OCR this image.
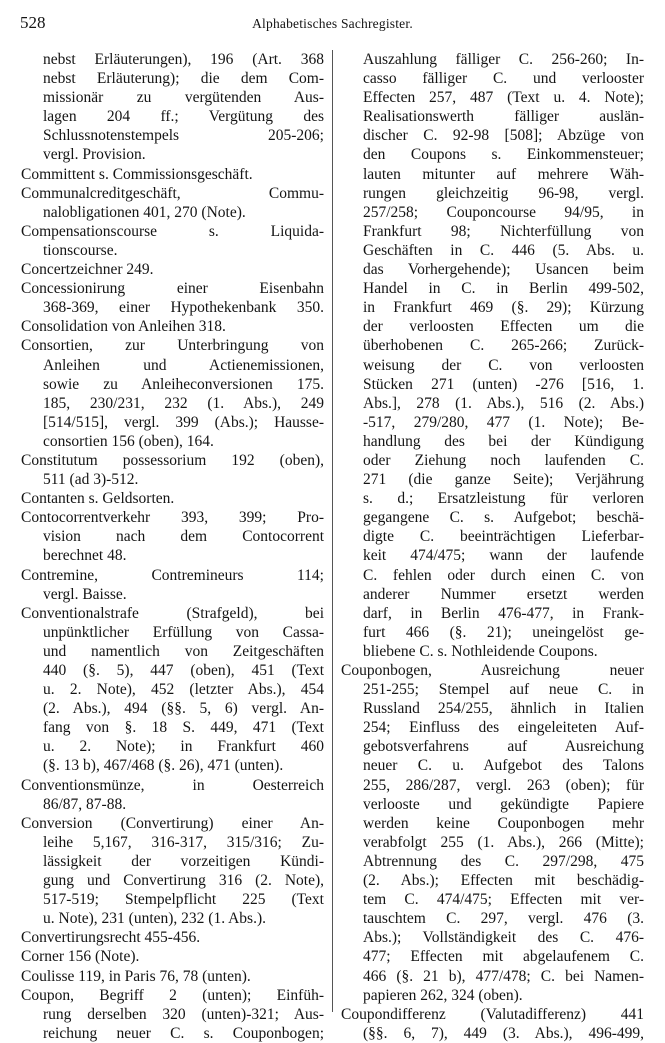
528	Alphabetisches Sachregister.
nebst Erläuterungen), 196 (Art. 368
nebst Erläuterung); die dem Com-
missionär zu vergütenden Aus-
lagen 204 ff.; Vergütung des
Schlussnotenstempels 205-206;
vergl. Provision.
Committent s. Commissionsgeschäft.
Communalcreditgeschäft, Commu-
nalobligationen 401, 270 (Note).
Compensationscourse s. Liquida-
tionscourse.
Concertzeichner 249.
Concessionirung einer Eisenbahn
368-369, einer Hypothekenbank 350.
Consolidation von Anleihen 318.
Consortien, zur Unterbringung von
Anleihen und Actienemissionen,
sowie zu Anleiheconversionen 175.
185, 230/231, 232 (1. Abs.), 249
[514/515], vergl. 399 (Abs.); Hausse-
consortien 156 (oben), 164.
Constitutum possessorium 192 (oben),
511 (ad 3)-512.
Contanten s. Geldsorten.
Contocorrentverkehr 393, 399; Pro-
vision nach dem Contocorrent
berechnet 48.
Contremine, Contremineurs 114;
vergl. Baisse.
Conventionalstrafe (Strafgeld), bei
unpünktlicher Erfüllung von Cassa-
und namentlich von Zeitgeschäften
440 (§. 5), 447 (oben), 451 (Text
u. 2. Note), 452 (letzter Abs.), 454
(2. Abs.), 494 (§§. 5, 6) vergl. An-
fang von §. 18 S. 449, 471 (Text
u. 2. Note); in Frankfurt 460
(§. 13 b), 467/468 (§. 26), 471 (unten).
Conventionsmünze, in Oesterreich
86/87, 87-88.
Conversion (Convertirung) einer An-
leihe 5,167, 316-317, 315/316; Zu-
lässigkeit der vorzeitigen Kündi-
gung und Convertirung 316 (2. Note),
517-519; Stempelpflicht 225 (Text
u. Note), 231 (unten), 232 (1. Abs.).
Convertirungsrecht 455-456.
Corner 156 (Note).
Coulisse 119, in Paris 76, 78 (unten).
Coupon, Begriff 2 (unten); Einfüh-
rung derselben 320 (unten)-321; Aus-
reichung neuer C. s. Couponbogen;
Auszahlung fälliger C. 256-260; In-
casso fälliger C. und verlooster
Effecten 257, 487 (Text u. 4. Note);
Realisationswerth fälliger auslän-
discher C. 92-98 [508]; Abzüge von
den Coupons s. Einkommensteuer;
lauten mitunter auf mehrere Wäh-
rungen gleichzeitig 96-98, vergl.
257/258; Couponcourse 94/95, in
Frankfurt 98; Nichterfüllung von
Geschäften in C. 446 (5. Abs. u.
das Vorhergehende); Usancen beim
Handel in C. in Berlin 499-502,
in Frankfurt 469 (§. 29); Kürzung
der verloosten Effecten um die
überhobenen C. 265-266; Zurück-
weisung der C. von verloosten
Stücken 271 (unten) -276 [516, 1.
Abs.], 278 (1. Abs.), 516 (2. Abs.)
-517, 279/280, 477 (1. Note); Be-
handlung des bei der Kündigung
oder Ziehung noch laufenden C.
271 (die ganze Seite); Verjährung
s. d.; Ersatzleistung für verloren
gegangene C. s. Aufgebot; beschä-
digte C. beeinträchtigen Lieferbar-
keit 474/475; wann der laufende
C. fehlen oder durch einen C. von
anderer Nummer ersetzt werden
darf, in Berlin 476-477, in Frank-
furt 466 (§. 21); uneingelöst ge-
bliebene C. s. Nothleidende Coupons.
Couponbogen, Ausreichung neuer
251-255; Stempel auf neue C. in
Russland 254/255, ähnlich in Italien
254; Einfluss des eingeleiteten Auf-
gebotsverfahrens auf Ausreichung
neuer C. u. Aufgebot des Talons
255, 286/287, vergl. 263 (oben); für
verlooste und gekündigte Papiere
werden keine Couponbogen mehr
verabfolgt 255 (1. Abs.), 266 (Mitte);
Abtrennung des C. 297/298, 475
(2. Abs.); Effecten mit beschädig-
tem C. 474/475; Effecten mit ver-
tauschtem C. 297, vergl. 476 (3.
Abs.); Vollständigkeit des C. 476-
477; Effecten mit abgelaufenem C.
466 (§. 21 b), 477/478; C. bei Namen-
papieren 262, 324 (oben).
Coupondifferenz (Valutadifferenz) 441
(§§. 6, 7), 449 (3. Abs.), 496-499,
